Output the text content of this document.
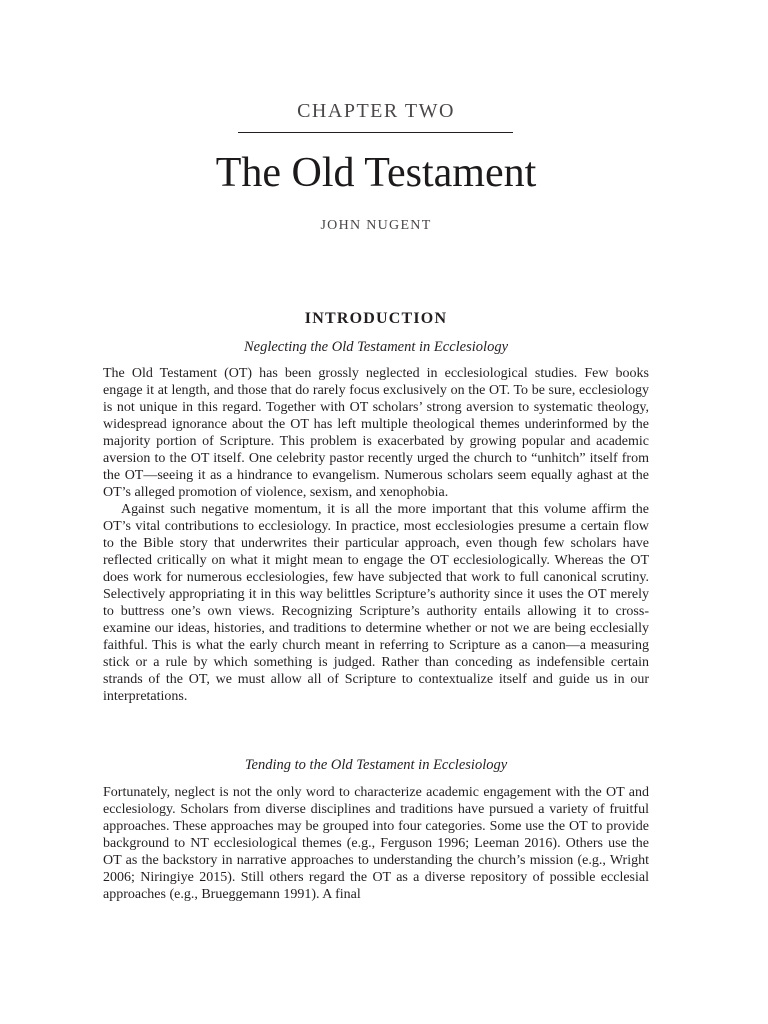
CHAPTER TWO
The Old Testament
JOHN NUGENT
INTRODUCTION
Neglecting the Old Testament in Ecclesiology

The Old Testament (OT) has been grossly neglected in ecclesiological studies. Few books engage it at length, and those that do rarely focus exclusively on the OT. To be sure, ecclesiology is not unique in this regard. Together with OT scholars’ strong aversion to systematic theology, widespread ignorance about the OT has left multiple theological themes underinformed by the majority portion of Scripture. This problem is exacerbated by growing popular and academic aversion to the OT itself. One celebrity pastor recently urged the church to “unhitch” itself from the OT—seeing it as a hindrance to evangelism. Numerous scholars seem equally aghast at the OT’s alleged promotion of violence, sexism, and xenophobia.

Against such negative momentum, it is all the more important that this volume affirm the OT’s vital contributions to ecclesiology. In practice, most ecclesiologies presume a certain flow to the Bible story that underwrites their particular approach, even though few scholars have reflected critically on what it might mean to engage the OT ecclesiologically. Whereas the OT does work for numerous ecclesiologies, few have subjected that work to full canonical scrutiny. Selectively appropriating it in this way belittles Scripture’s authority since it uses the OT merely to buttress one’s own views. Recognizing Scripture’s authority entails allowing it to cross-examine our ideas, histories, and traditions to determine whether or not we are being ecclesially faithful. This is what the early church meant in referring to Scripture as a canon—a measuring stick or a rule by which something is judged. Rather than conceding as indefensible certain strands of the OT, we must allow all of Scripture to contextualize itself and guide us in our interpretations.

Tending to the Old Testament in Ecclesiology

Fortunately, neglect is not the only word to characterize academic engagement with the OT and ecclesiology. Scholars from diverse disciplines and traditions have pursued a variety of fruitful approaches. These approaches may be grouped into four categories. Some use the OT to provide background to NT ecclesiological themes (e.g., Ferguson 1996; Leeman 2016). Others use the OT as the backstory in narrative approaches to understanding the church’s mission (e.g., Wright 2006; Niringiye 2015). Still others regard the OT as a diverse repository of possible ecclesial approaches (e.g., Brueggemann 1991). A final
